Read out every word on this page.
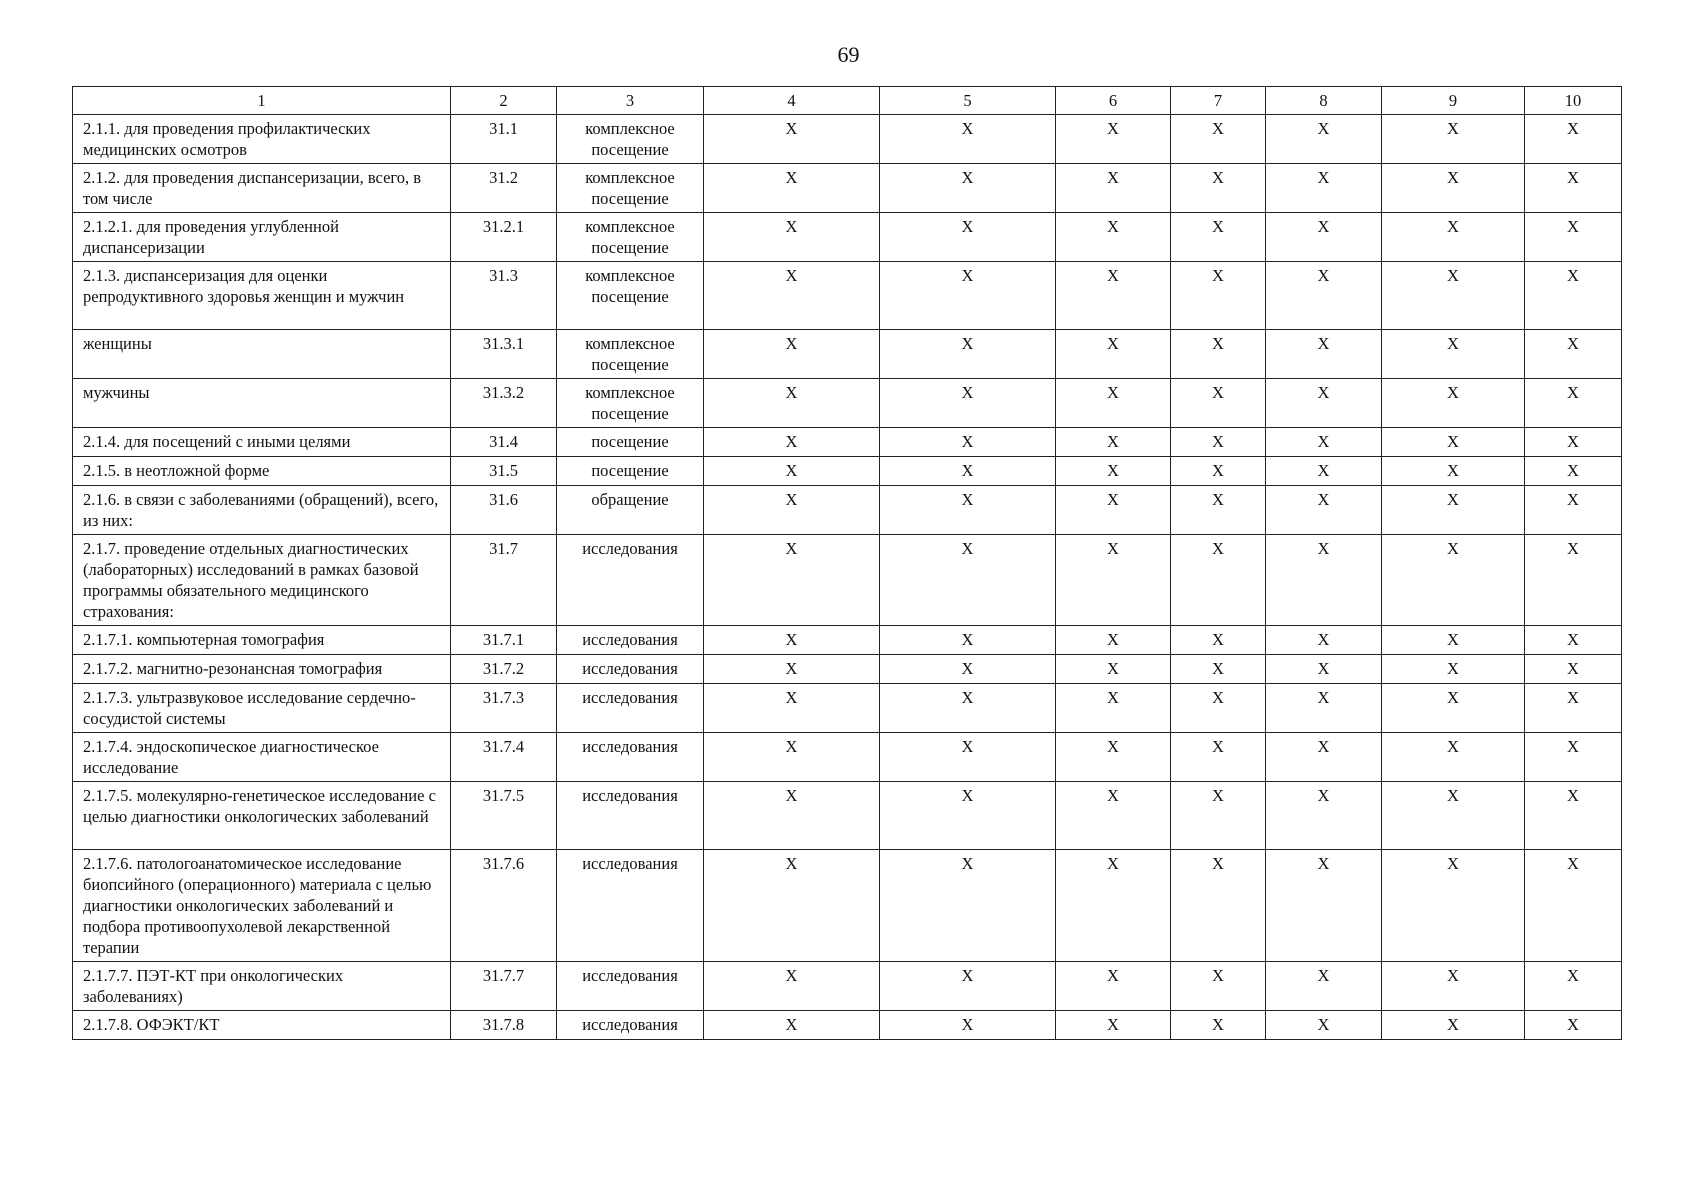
69
1	2	3	4	5	6	7	8	9	10
2.1.1. для проведения профилактических медицинских осмотров	31.1	комплексное посещение	X	X	X	X	X	X	X
2.1.2. для проведения диспансеризации, всего, в том числе	31.2	комплексное посещение	X	X	X	X	X	X	X
2.1.2.1. для проведения углубленной диспансеризации	31.2.1	комплексное посещение	X	X	X	X	X	X	X
2.1.3. диспансеризация для оценки репродуктивного здоровья женщин и мужчин	31.3	комплексное посещение	X	X	X	X	X	X	X
женщины	31.3.1	комплексное посещение	X	X	X	X	X	X	X
мужчины	31.3.2	комплексное посещение	X	X	X	X	X	X	X
2.1.4. для посещений с иными целями	31.4	посещение	X	X	X	X	X	X	X
2.1.5. в неотложной форме	31.5	посещение	X	X	X	X	X	X	X
2.1.6. в связи с заболеваниями (обращений), всего, из них:	31.6	обращение	X	X	X	X	X	X	X
2.1.7. проведение отдельных диагностических (лабораторных) исследований в рамках базовой программы обязательного медицинского страхования:	31.7	исследования	X	X	X	X	X	X	X
2.1.7.1. компьютерная томография	31.7.1	исследования	X	X	X	X	X	X	X
2.1.7.2. магнитно-резонансная томография	31.7.2	исследования	X	X	X	X	X	X	X
2.1.7.3. ультразвуковое исследование сердечно-сосудистой системы	31.7.3	исследования	X	X	X	X	X	X	X
2.1.7.4. эндоскопическое диагностическое исследование	31.7.4	исследования	X	X	X	X	X	X	X
2.1.7.5. молекулярно-генетическое исследование с целью диагностики онкологических заболеваний	31.7.5	исследования	X	X	X	X	X	X	X
2.1.7.6. патологоанатомическое исследование биопсийного (операционного) материала с целью диагностики онкологических заболеваний и подбора противоопухолевой лекарственной терапии	31.7.6	исследования	X	X	X	X	X	X	X
2.1.7.7. ПЭТ-КТ при онкологических заболеваниях)	31.7.7	исследования	X	X	X	X	X	X	X
2.1.7.8. ОФЭКТ/КТ	31.7.8	исследования	X	X	X	X	X	X	X
